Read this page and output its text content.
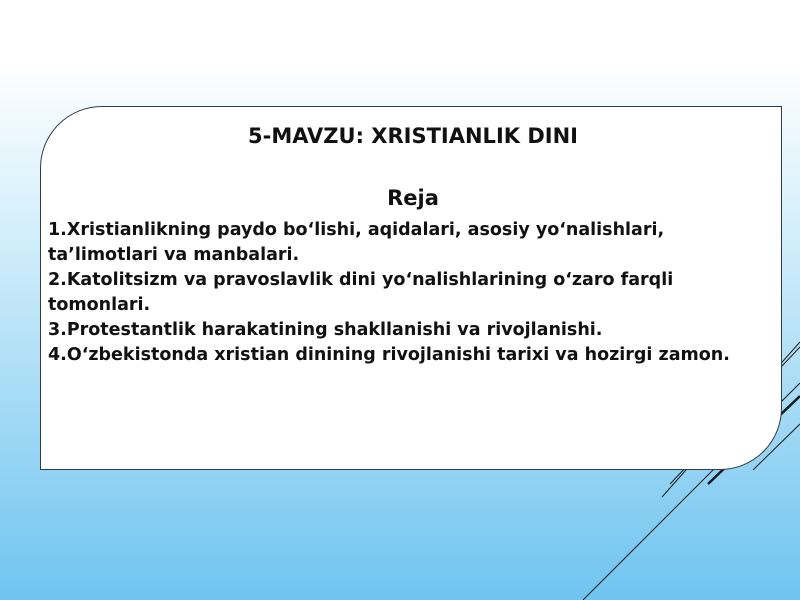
5-MAVZU: XRISTIANLIK DINI
Reja
1.Xristianlikning paydo bo‘lishi, aqidalari, asosiy yo‘nalishlari, ta’limotlari va manbalari.
2.Katolitsizm va pravoslavlik dini yo‘nalishlarining o‘zaro farqli tomonlari.
3.Protestantlik harakatining shakllanishi va rivojlanishi.
4.O‘zbekistonda xristian dinining rivojlanishi tarixi va hozirgi zamon.
